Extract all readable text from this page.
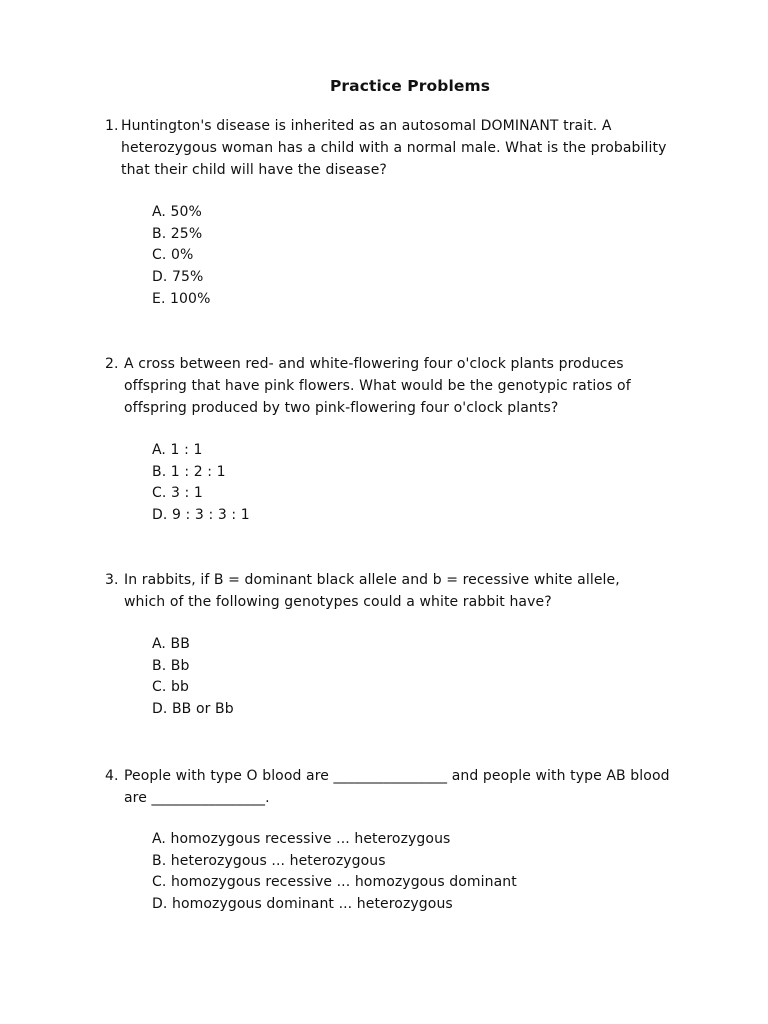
Practice Problems
1. Huntington's disease is inherited as an autosomal DOMINANT trait. A
heterozygous woman has a child with a normal male. What is the probability
that their child will have the disease?
A. 50%
B. 25%
C. 0%
D. 75%
E. 100%
2. A cross between red- and white-flowering four o'clock plants produces
offspring that have pink flowers. What would be the genotypic ratios of
offspring produced by two pink-flowering four o'clock plants?
A. 1 : 1
B. 1 : 2 : 1
C. 3 : 1
D. 9 : 3 : 3 : 1
3. In rabbits, if B = dominant black allele and b = recessive white allele,
which of the following genotypes could a white rabbit have?
A. BB
B. Bb
C. bb
D. BB or Bb
4. People with type O blood are ________________ and people with type AB blood
are ________________.
A. homozygous recessive ... heterozygous
B. heterozygous ... heterozygous
C. homozygous recessive ... homozygous dominant
D. homozygous dominant ... heterozygous
